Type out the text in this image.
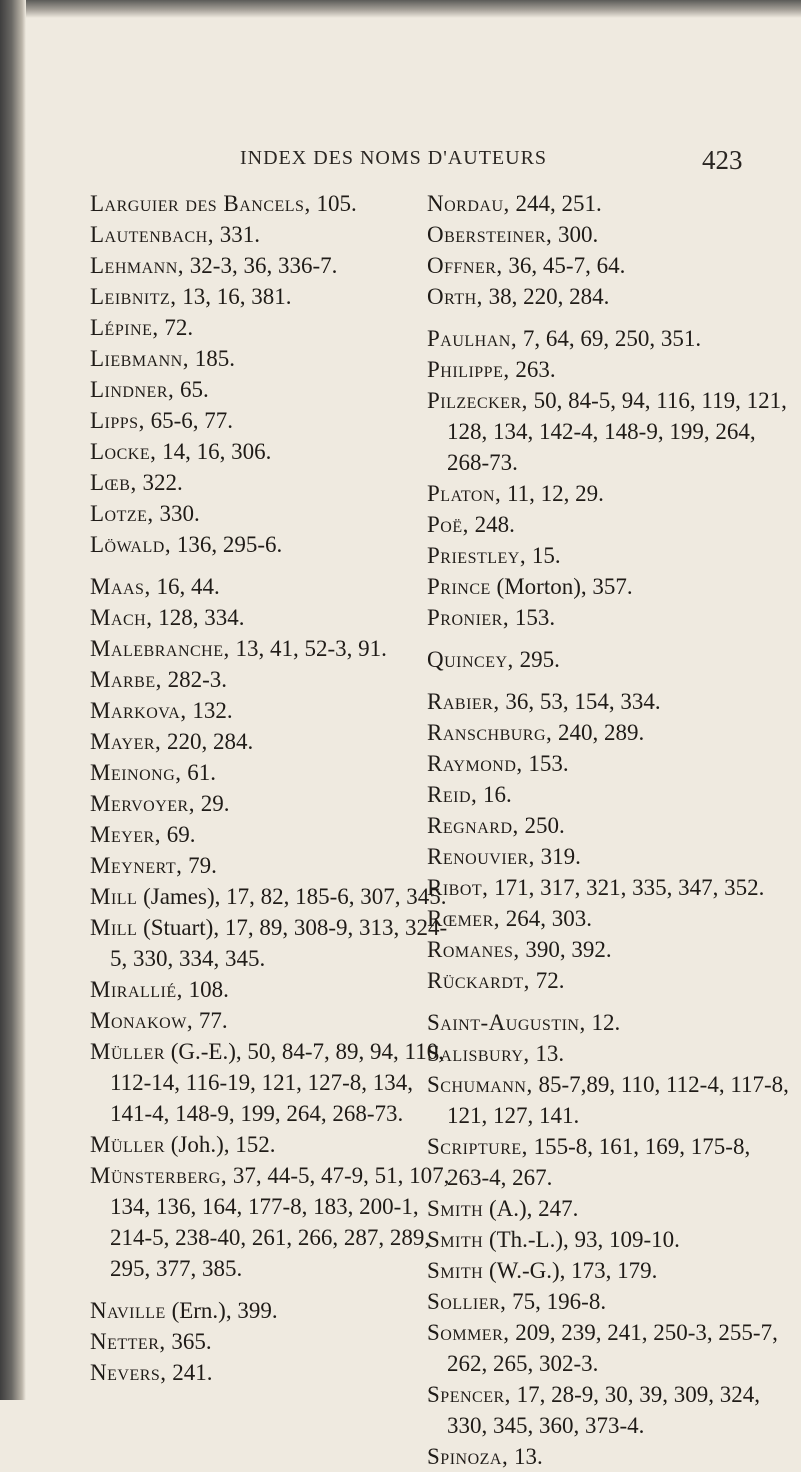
INDEX DES NOMS D'AUTEURS	423
Larguier des Bancels, 105.
Lautenbach, 331.
Lehmann, 32-3, 36, 336-7.
Leibnitz, 13, 16, 381.
Lépine, 72.
Liebmann, 185.
Lindner, 65.
Lipps, 65-6, 77.
Locke, 14, 16, 306.
Lœb, 322.
Lotze, 330.
Löwald, 136, 295-6.
Maas, 16, 44.
Mach, 128, 334.
Malebranche, 13, 41, 52-3, 91.
Marbe, 282-3.
Markova, 132.
Mayer, 220, 284.
Meinong, 61.
Mervoyer, 29.
Meyer, 69.
Meynert, 79.
Mill (James), 17, 82, 185-6, 307, 345.
Mill (Stuart), 17, 89, 308-9, 313, 324-5, 330, 334, 345.
Mirallié, 108.
Monakow, 77.
Müller (G.-E.), 50, 84-7, 89, 94, 110, 112-14, 116-19, 121, 127-8, 134, 141-4, 148-9, 199, 264, 268-73.
Müller (Joh.), 152.
Münsterberg, 37, 44-5, 47-9, 51, 107, 134, 136, 164, 177-8, 183, 200-1, 214-5, 238-40, 261, 266, 287, 289, 295, 377, 385.
Naville (Ern.), 399.
Netter, 365.
Nevers, 241.
Nordau, 244, 251.
Obersteiner, 300.
Offner, 36, 45-7, 64.
Orth, 38, 220, 284.
Paulhan, 7, 64, 69, 250, 351.
Philippe, 263.
Pilzecker, 50, 84-5, 94, 116, 119, 121, 128, 134, 142-4, 148-9, 199, 264, 268-73.
Platon, 11, 12, 29.
Poë, 248.
Priestley, 15.
Prince (Morton), 357.
Pronier, 153.
Quincey, 295.
Rabier, 36, 53, 154, 334.
Ranschburg, 240, 289.
Raymond, 153.
Reid, 16.
Regnard, 250.
Renouvier, 319.
Ribot, 171, 317, 321, 335, 347, 352.
Rœmer, 264, 303.
Romanes, 390, 392.
Rückardt, 72.
Saint-Augustin, 12.
Salisbury, 13.
Schumann, 85-7,89, 110, 112-4, 117-8, 121, 127, 141.
Scripture, 155-8, 161, 169, 175-8, 263-4, 267.
Smith (A.), 247.
Smith (Th.-L.), 93, 109-10.
Smith (W.-G.), 173, 179.
Sollier, 75, 196-8.
Sommer, 209, 239, 241, 250-3, 255-7, 262, 265, 302-3.
Spencer, 17, 28-9, 30, 39, 309, 324, 330, 345, 360, 373-4.
Spinoza, 13.
